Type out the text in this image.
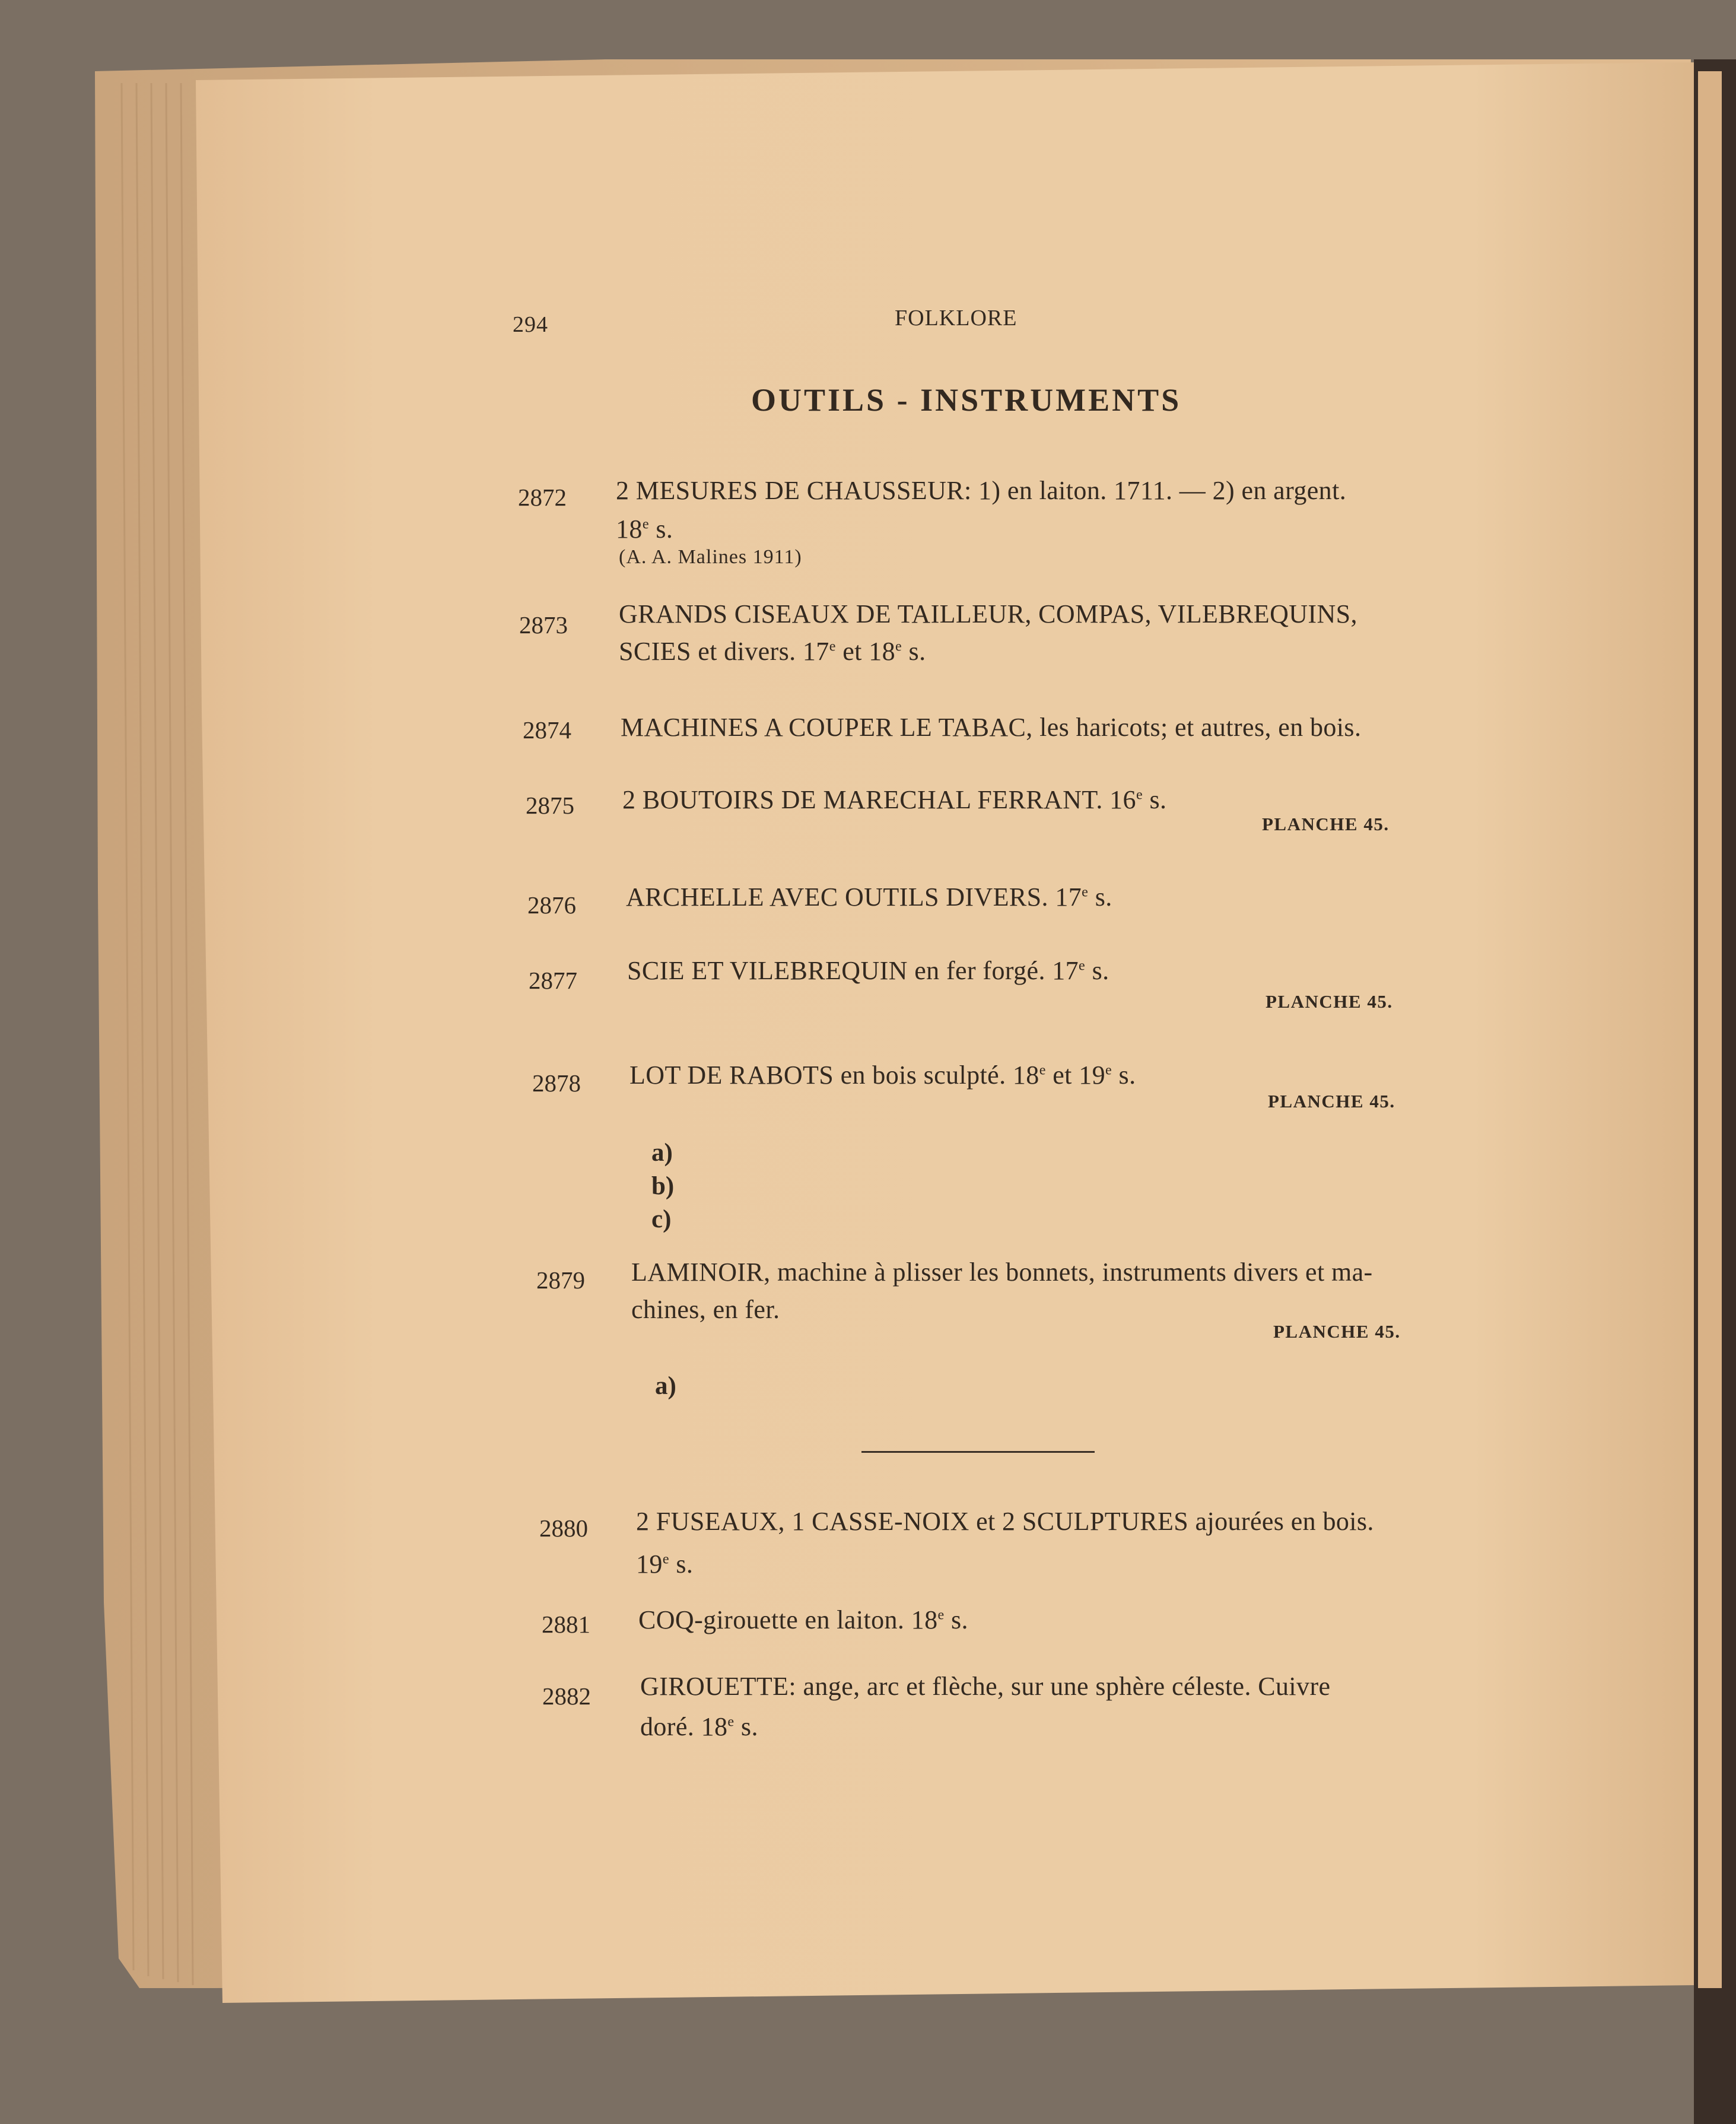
294	FOLKLORE
OUTILS - INSTRUMENTS
2872 2 MESURES DE CHAUSSEUR: 1) en laiton. 1711. — 2) en argent.
18e s.
(A. A. Malines 1911)
2873 GRANDS CISEAUX DE TAILLEUR, COMPAS, VILEBREQUINS,
SCIES et divers. 17e et 18e s.
2874 MACHINES A COUPER LE TABAC, les haricots; et autres, en bois.
2875 2 BOUTOIRS DE MARECHAL FERRANT. 16e s.
PLANCHE 45.
2876 ARCHELLE AVEC OUTILS DIVERS. 17e s.
2877 SCIE ET VILEBREQUIN en fer forgé. 17e s.
PLANCHE 45.
2878 LOT DE RABOTS en bois sculpté. 18e et 19e s.
PLANCHE 45.
a)
b)
c)
2879 LAMINOIR, machine à plisser les bonnets, instruments divers et ma-
chines, en fer.
PLANCHE 45.
a)
2880 2 FUSEAUX, 1 CASSE-NOIX et 2 SCULPTURES ajourées en bois.
19e s.
2881 COQ-girouette en laiton. 18e s.
2882 GIROUETTE: ange, arc et flèche, sur une sphère céleste. Cuivre
doré. 18e s.
